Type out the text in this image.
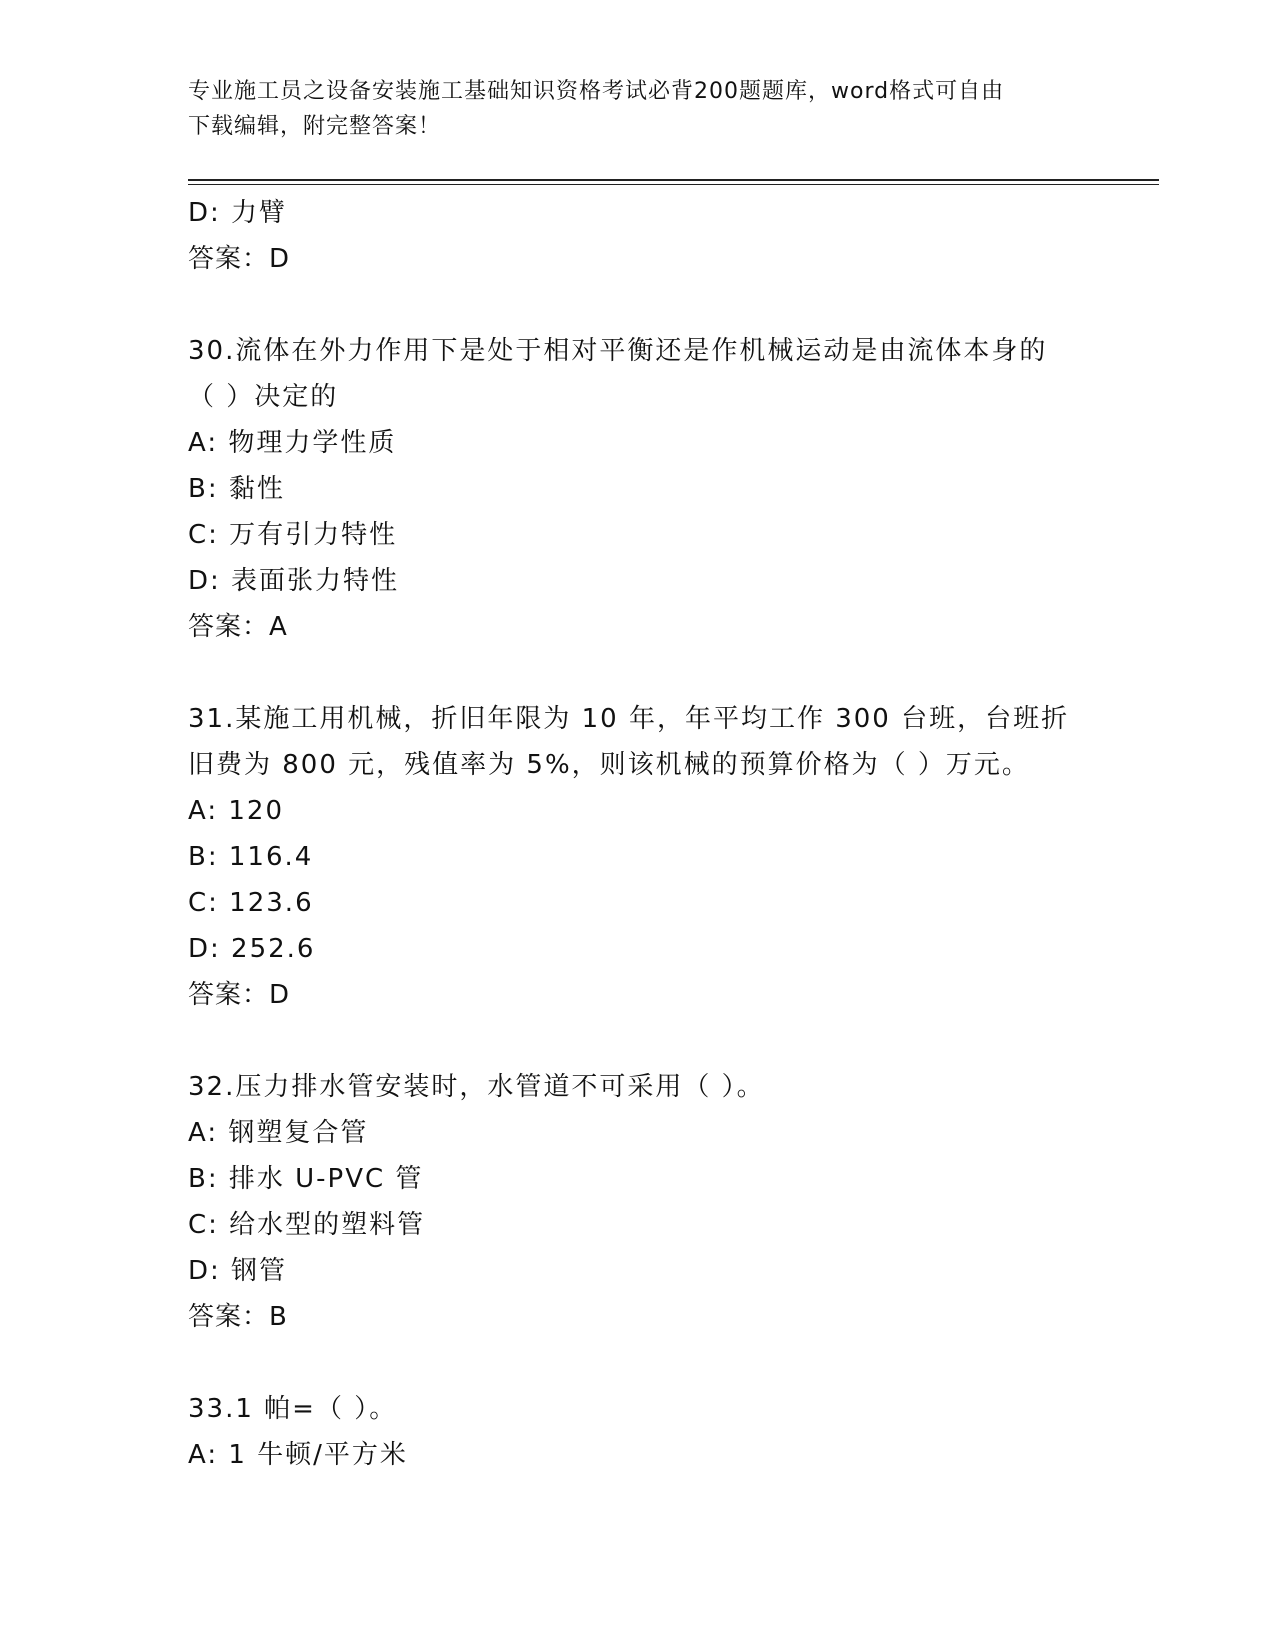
专业施工员之设备安装施工基础知识资格考试必背200题题库，word格式可自由
下载编辑，附完整答案！
D: 力臂
答案：D
30.流体在外力作用下是处于相对平衡还是作机械运动是由流体本身的
（ ）决定的
A: 物理力学性质
B: 黏性
C: 万有引力特性
D: 表面张力特性
答案：A
31.某施工用机械，折旧年限为 10 年，年平均工作 300 台班，台班折
旧费为 800 元，残值率为 5%，则该机械的预算价格为（ ）万元。
A: 120
B: 116.4
C: 123.6
D: 252.6
答案：D
32.压力排水管安装时，水管道不可采用（ ）。
A: 钢塑复合管
B: 排水 U-PVC 管
C: 给水型的塑料管
D: 钢管
答案：B
33.1 帕=（ ）。
A: 1 牛顿/平方米
